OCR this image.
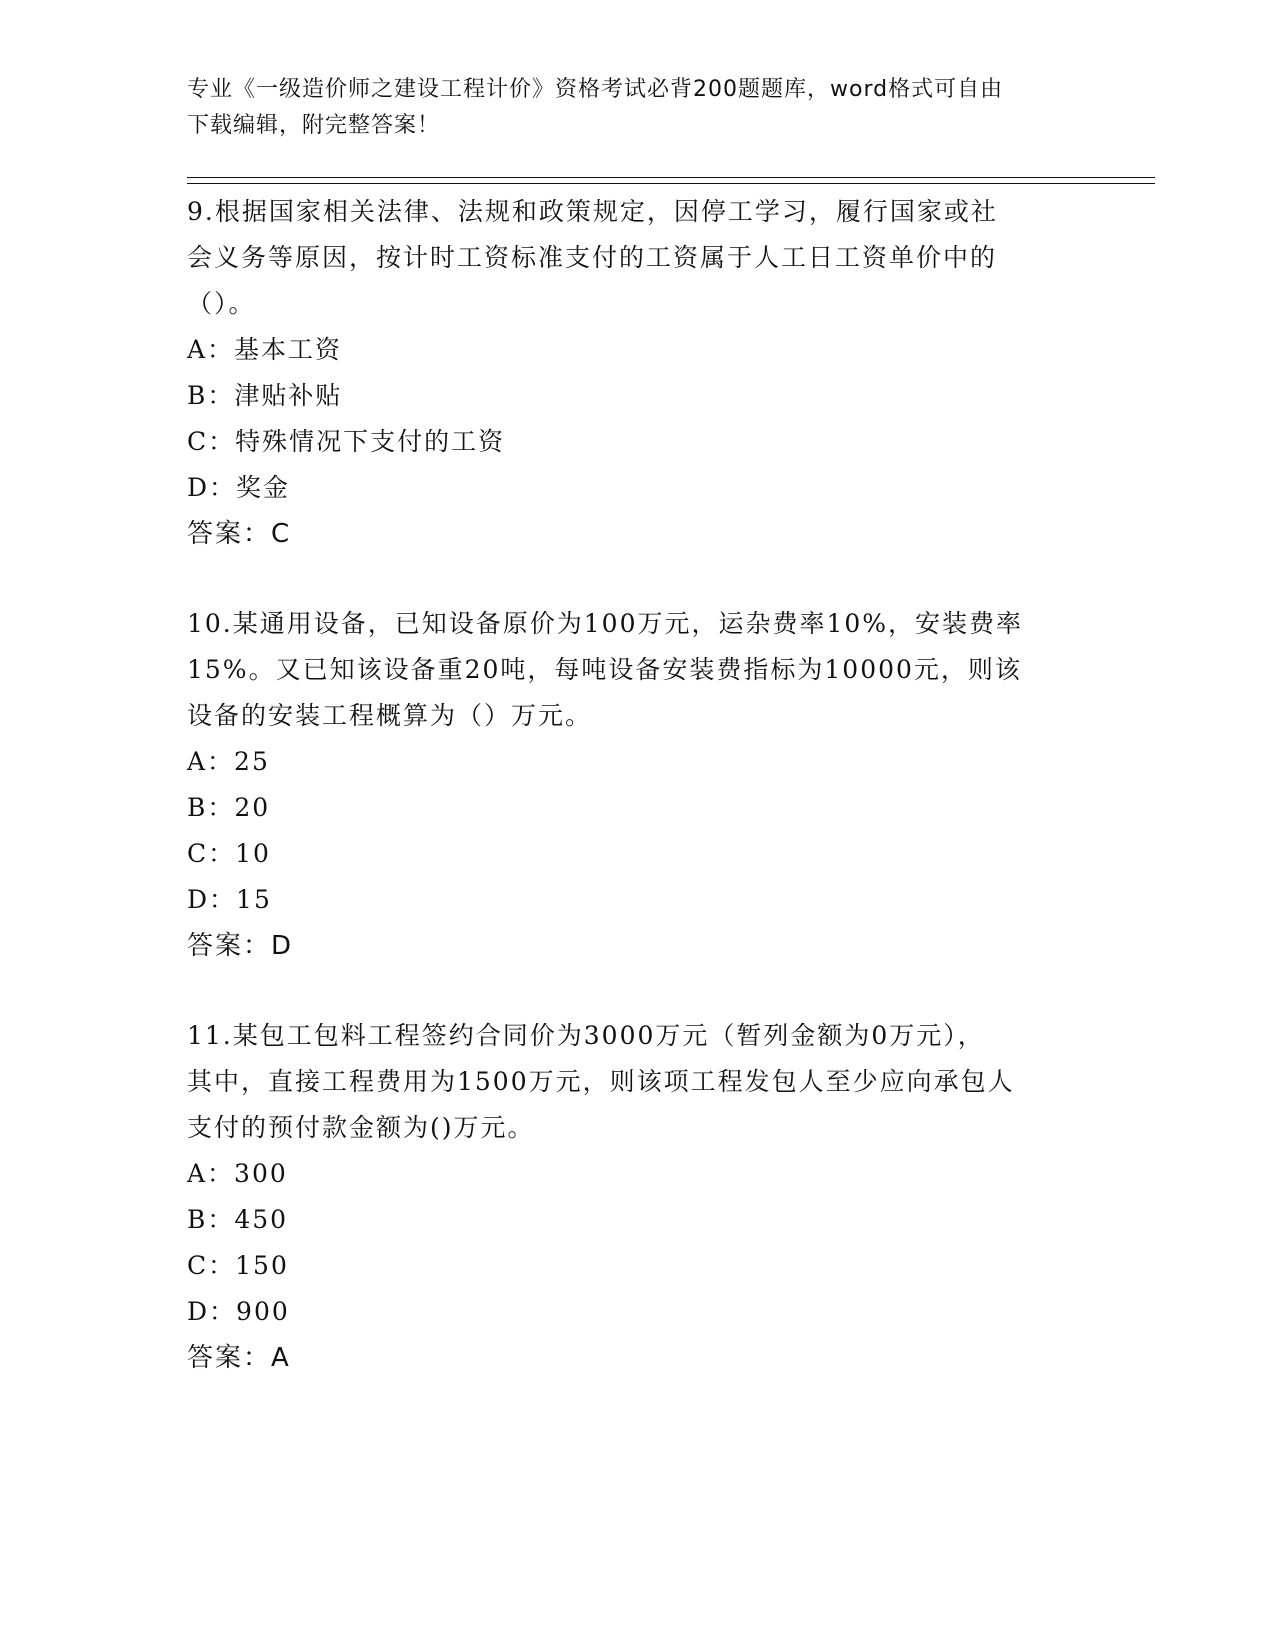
专业《一级造价师之建设工程计价》资格考试必背200题题库，word格式可自由
下载编辑，附完整答案！
9.根据国家相关法律、法规和政策规定，因停工学习，履行国家或社
会义务等原因，按计时工资标准支付的工资属于人工日工资单价中的
（）。
A：基本工资
B：津贴补贴
C：特殊情况下支付的工资
D：奖金
答案：C
10.某通用设备，已知设备原价为100万元，运杂费率10%，安装费率
15%。又已知该设备重20吨，每吨设备安装费指标为10000元，则该
设备的安装工程概算为（）万元。
A：25
B：20
C：10
D：15
答案：D
11.某包工包料工程签约合同价为3000万元（暂列金额为0万元），
其中，直接工程费用为1500万元，则该项工程发包人至少应向承包人
支付的预付款金额为()万元。
A：300
B：450
C：150
D：900
答案：A
